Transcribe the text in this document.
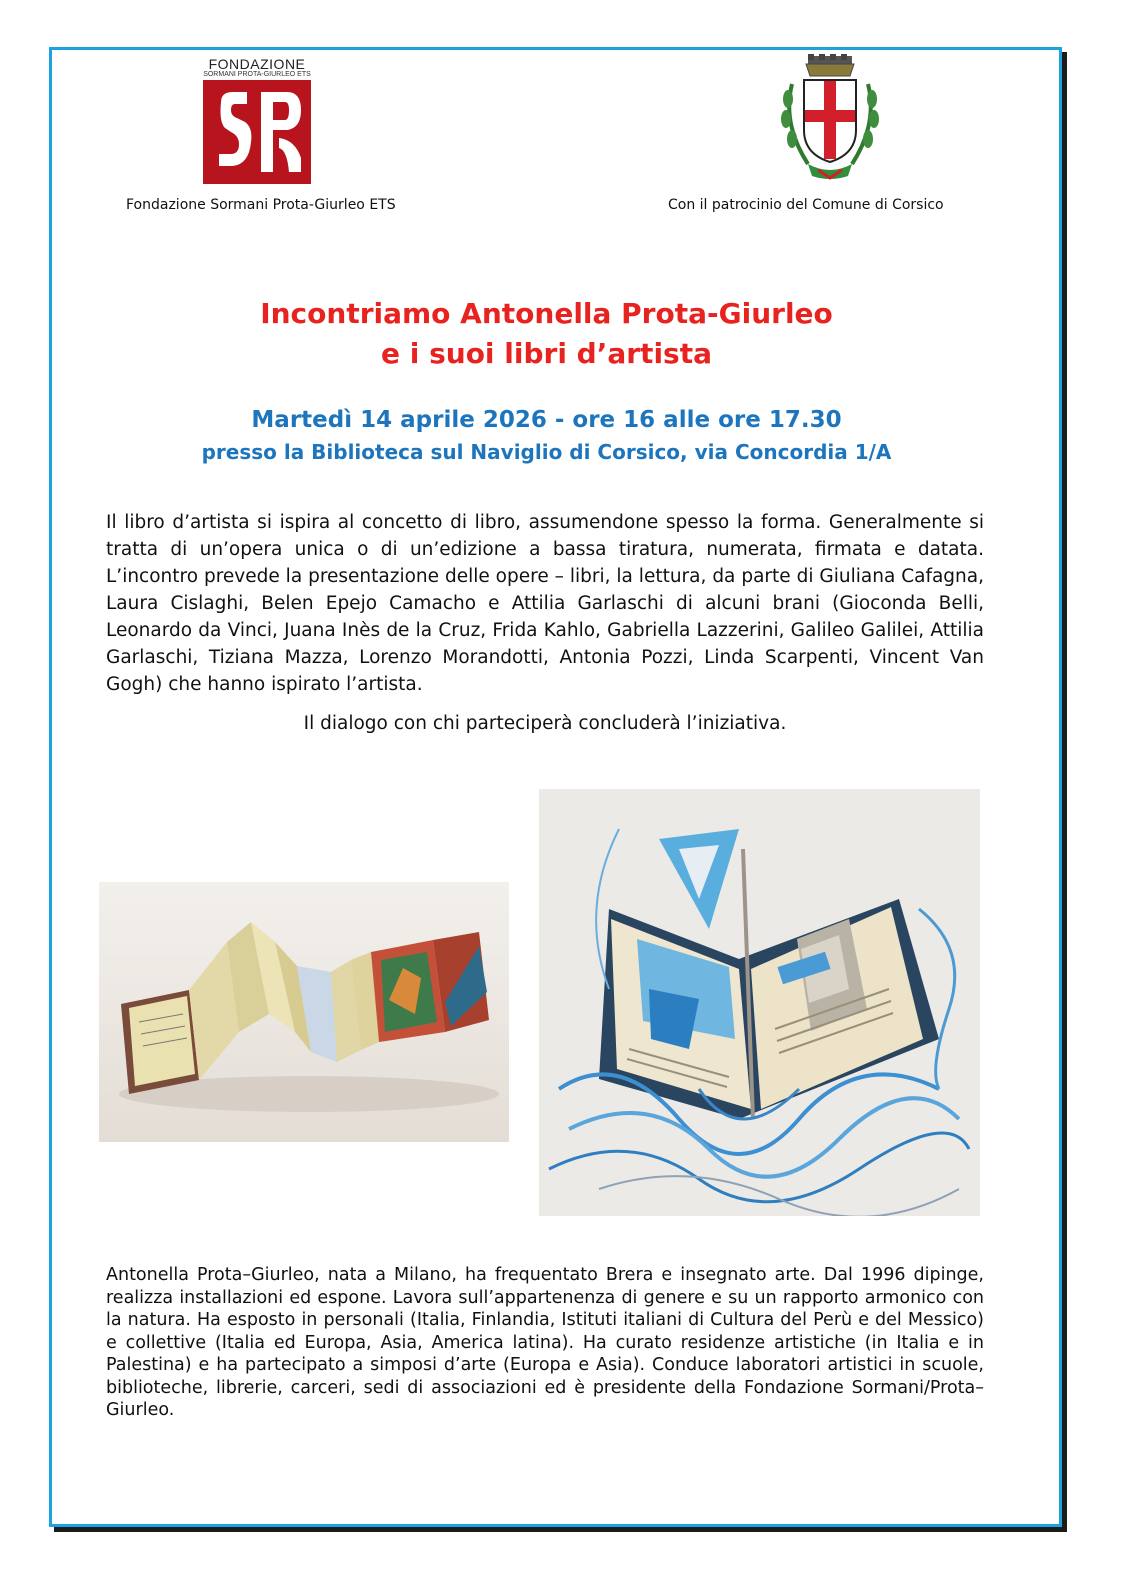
FONDAZIONE
SORMANI PROTA-GIURLEO ETS
Fondazione Sormani Prota-Giurleo ETS	Con il patrocinio del Comune di Corsico
Incontriamo Antonella Prota-Giurleo
e i suoi libri d’artista
Martedì 14 aprile 2026 - ore 16 alle ore 17.30
presso la Biblioteca sul Naviglio di Corsico, via Concordia 1/A
Il libro d’artista si ispira al concetto di libro, assumendone spesso la forma. Generalmente si tratta di un’opera unica o di un’edizione a bassa tiratura, numerata, firmata e datata. L’incontro prevede la presentazione delle opere – libri, la lettura, da parte di Giuliana Cafagna, Laura Cislaghi, Belen Epejo Camacho e Attilia Garlaschi di alcuni brani (Gioconda Belli, Leonardo da Vinci, Juana Inès de la Cruz, Frida Kahlo, Gabriella Lazzerini, Galileo Galilei, Attilia Garlaschi, Tiziana Mazza, Lorenzo Morandotti, Antonia Pozzi, Linda Scarpenti, Vincent Van Gogh) che hanno ispirato l’artista.
Il dialogo con chi parteciperà concluderà l’iniziativa.
Antonella Prota–Giurleo, nata a Milano, ha frequentato Brera e insegnato arte. Dal 1996 dipinge, realizza installazioni ed espone. Lavora sull’appartenenza di genere e su un rapporto armonico con la natura. Ha esposto in personali (Italia, Finlandia, Istituti italiani di Cultura del Perù e del Messico) e collettive (Italia ed Europa, Asia, America latina). Ha curato residenze artistiche (in Italia e in Palestina) e ha partecipato a simposi d’arte (Europa e Asia). Conduce laboratori artistici in scuole, biblioteche, librerie, carceri, sedi di associazioni ed è presidente della Fondazione Sormani/Prota–Giurleo.
